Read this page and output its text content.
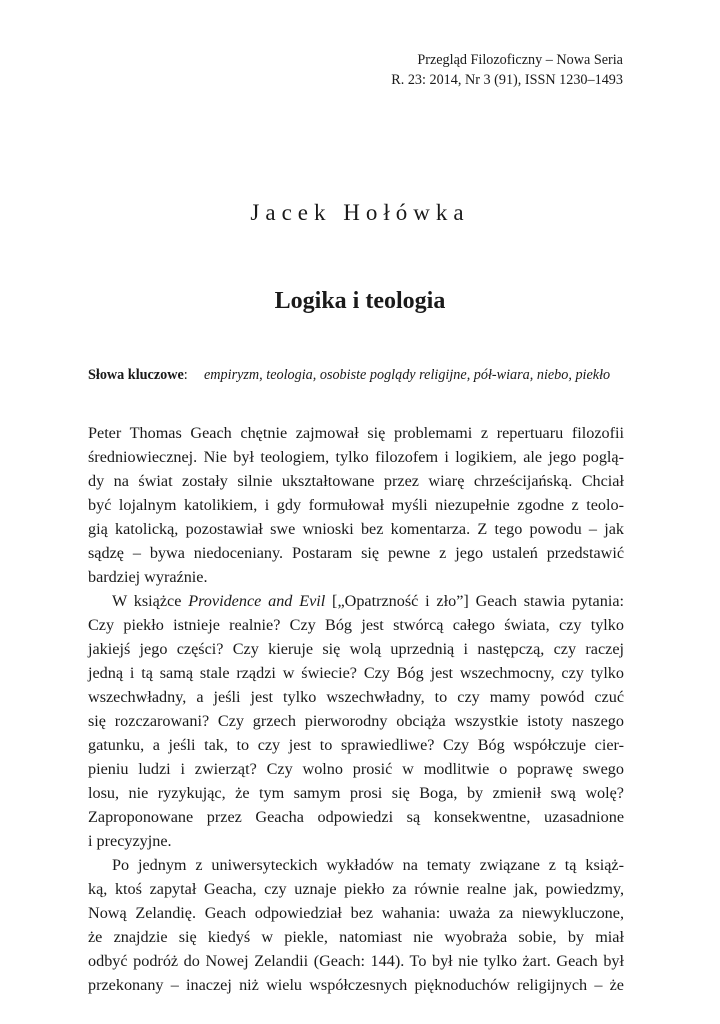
Przegląd Filozoficzny – Nowa Seria
R. 23: 2014, Nr 3 (91), ISSN 1230–1493
Jacek Hołówka
Logika i teologia
Słowa kluczowe: empiryzm, teologia, osobiste poglądy religijne, pół-wiara, niebo, piekło
Peter Thomas Geach chętnie zajmował się problemami z repertuaru filozofii
średniowiecznej. Nie był teologiem, tylko filozofem i logikiem, ale jego poglą-
dy na świat zostały silnie ukształtowane przez wiarę chrześcijańską. Chciał
być lojalnym katolikiem, i gdy formułował myśli niezupełnie zgodne z teolo-
gią katolicką, pozostawiał swe wnioski bez komentarza. Z tego powodu – jak
sądzę – bywa niedoceniany. Postaram się pewne z jego ustaleń przedstawić
bardziej wyraźnie.
W książce Providence and Evil [„Opatrzność i zło”] Geach stawia pytania:
Czy piekło istnieje realnie? Czy Bóg jest stwórcą całego świata, czy tylko
jakiejś jego części? Czy kieruje się wolą uprzednią i następczą, czy raczej
jedną i tą samą stale rządzi w świecie? Czy Bóg jest wszechmocny, czy tylko
wszechwładny, a jeśli jest tylko wszechwładny, to czy mamy powód czuć
się rozczarowani? Czy grzech pierworodny obciąża wszystkie istoty naszego
gatunku, a jeśli tak, to czy jest to sprawiedliwe? Czy Bóg współczuje cier-
pieniu ludzi i zwierząt? Czy wolno prosić w modlitwie o poprawę swego
losu, nie ryzykując, że tym samym prosi się Boga, by zmienił swą wolę?
Zaproponowane przez Geacha odpowiedzi są konsekwentne, uzasadnione
i precyzyjne.
Po jednym z uniwersyteckich wykładów na tematy związane z tą książ-
ką, ktoś zapytał Geacha, czy uznaje piekło za równie realne jak, powiedzmy,
Nową Zelandię. Geach odpowiedział bez wahania: uważa za niewykluczone,
że znajdzie się kiedyś w piekle, natomiast nie wyobraża sobie, by miał
odbyć podróż do Nowej Zelandii (Geach: 144). To był nie tylko żart. Geach był
przekonany – inaczej niż wielu współczesnych pięknoduchów religijnych – że
